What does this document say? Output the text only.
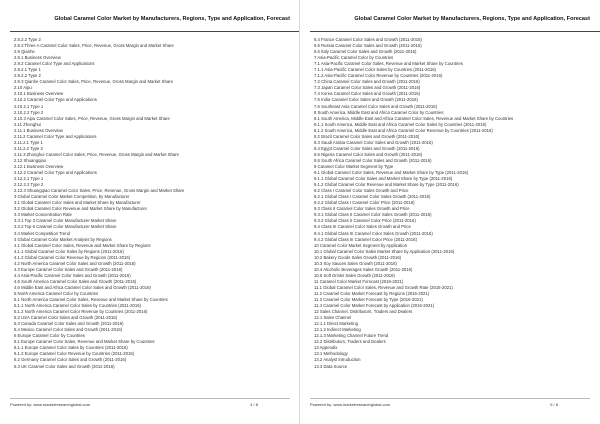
Global Caramel Color Market by Manufacturers, Regions, Type and Application, Forecast
2.8.2.2 Type 2
2.8.3 Three A Caramel Color Sales, Price, Revenue, Gross Margin and Market Share
2.9 Qianhe
2.9.1 Business Overview
2.9.2 Caramel Color Type and Applications
2.9.2.1 Type 1
2.9.2.2 Type 2
2.9.3 Qianhe Caramel Color Sales, Price, Revenue, Gross Margin and Market Share
2.10 Aipu
2.10.1 Business Overview
2.10.2 Caramel Color Type and Applications
2.10.2.1 Type 1
2.10.2.2 Type 2
2.10.3 Aipu Caramel Color Sales, Price, Revenue, Gross Margin and Market Share
2.11 Zhonghui
2.11.1 Business Overview
2.11.2 Caramel Color Type and Applications
2.11.2.1 Type 1
2.11.2.2 Type 2
2.11.3 Zhonghui Caramel Color Sales, Price, Revenue, Gross Margin and Market Share
2.12 Shuangqiao
2.12.1 Business Overview
2.12.2 Caramel Color Type and Applications
2.12.2.1 Type 1
2.12.2.2 Type 2
2.12.3 Shuangqiao Caramel Color Sales, Price, Revenue, Gross Margin and Market Share
3 Global Caramel Color Market Competition, by Manufacturer
3.1 Global Caramel Color Sales and Market Share by Manufacturer
3.2 Global Caramel Color Revenue and Market Share by Manufacturer
3.3 Market Concentration Rate
3.3.1 Top 3 Caramel Color Manufacturer Market Share
3.3.2 Top 6 Caramel Color Manufacturer Market Share
3.4 Market Competition Trend
4 Global Caramel Color Market Analysis by Regions
4.1 Global Caramel Color Sales, Revenue and Market Share by Regions
4.1.1 Global Caramel Color Sales by Regions (2011-2016)
4.1.2 Global Caramel Color Revenue by Regions (2011-2016)
4.2 North America Caramel Color Sales and Growth (2011-2016)
4.3 Europe Caramel Color Sales and Growth (2011-2016)
4.4 Asia-Pacific Caramel Color Sales and Growth (2011-2016)
4.5 South America Caramel Color Sales and Growth (2011-2016)
4.6 Middle East and Africa Caramel Color Sales and Growth (2011-2016)
5 North America Caramel Color by Countries
5.1 North America Caramel Color Sales, Revenue and Market Share by Countries
5.1.1 North America Caramel Color Sales by Countries (2011-2016)
5.1.2 North America Caramel Color Revenue by Countries (2011-2016)
5.2 USA Caramel Color Sales and Growth (2011-2016)
5.3 Canada Caramel Color Sales and Growth (2011-2016)
5.4 Mexico Caramel Color Sales and Growth (2011-2016)
6 Europe Caramel Color by Countries
6.1 Europe Caramel Color Sales, Revenue and Market Share by Countries
6.1.1 Europe Caramel Color Sales by Countries (2011-2016)
6.1.2 Europe Caramel Color Revenue by Countries (2011-2016)
6.2 Germany Caramel Color Sales and Growth (2011-2016)
6.3 UK Caramel Color Sales and Growth (2011-2016)
Powered by: www.marketresearchglobal.com	4 / 8
Global Caramel Color Market by Manufacturers, Regions, Type and Application, Forecast
6.4 France Caramel Color Sales and Growth (2011-2016)
6.5 Russia Caramel Color Sales and Growth (2011-2016)
6.6 Italy Caramel Color Sales and Growth (2011-2016)
7 Asia-Pacific Caramel Color by Countries
7.1 Asia-Pacific Caramel Color Sales, Revenue and Market Share by Countries
7.1.1 Asia-Pacific Caramel Color Sales by Countries (2011-2016)
7.1.2 Asia-Pacific Caramel Color Revenue by Countries (2011-2016)
7.2 China Caramel Color Sales and Growth (2011-2016)
7.3 Japan Caramel Color Sales and Growth (2011-2016)
7.4 Korea Caramel Color Sales and Growth (2011-2016)
7.5 India Caramel Color Sales and Growth (2011-2016)
7.6 Southeast Asia Caramel Color Sales and Growth (2011-2016)
8 South America, Middle East and Africa Caramel Color by Countries
8.1 South America, Middle East and Africa Caramel Color Sales, Revenue and Market Share by Countries
8.1.1 South America, Middle East and Africa Caramel Color Sales by Countries (2011-2016)
8.1.2 South America, Middle East and Africa Caramel Color Revenue by Countries (2011-2016)
8.2 Brazil Caramel Color Sales and Growth (2011-2016)
8.3 Saudi Arabia Caramel Color Sales and Growth (2011-2016)
8.4 Egypt Caramel Color Sales and Growth (2011-2016)
8.5 Nigeria Caramel Color Sales and Growth (2011-2016)
8.6 South Africa Caramel Color Sales and Growth (2011-2016)
9 Caramel Color Market Segment by Type
9.1 Global Caramel Color Sales, Revenue and Market Share by Type (2011-2016)
9.1.1 Global Caramel Color Sales and Market Share by Type (2011-2016)
9.1.2 Global Caramel Color Revenue and Market Share by Type (2011-2016)
9.2 Class I Caramel Color Sales Growth and Price
9.2.1 Global Class I Caramel Color Sales Growth (2011-2016)
9.2.2 Global Class I Caramel Color Price (2011-2016)
9.3 Class II Caramel Color Sales Growth and Price
9.3.1 Global Class II Caramel Color Sales Growth (2011-2016)
9.3.2 Global Class II Caramel Color Price (2011-2016)
9.4 Class III Caramel Color Sales Growth and Price
9.4.1 Global Class III Caramel Color Sales Growth (2011-2016)
9.4.2 Global Class III Caramel Color Price (2011-2016)
10 Caramel Color Market Segment by Application
10.1 Global Caramel Color Sales Market Share by Application (2011-2016)
10.2 Bakery Goods Sales Growth (2011-2016)
10.3 Soy Sauces Sales Growth (2011-2016)
10.4 Alcoholic Beverages Sales Growth (2011-2016)
10.5 Soft Drinks Sales Growth (2011-2016)
11 Caramel Color Market Forecast (2016-2021)
11.1 Global Caramel Color Sales, Revenue and Growth Rate (2016-2021)
11.2 Caramel Color Market Forecast by Regions (2016-2021)
11.3 Caramel Color Market Forecast by Type (2016-2021)
11.4 Caramel Color Market Forecast by Application (2016-2021)
12 Sales Channel, Distributors, Traders and Dealers
12.1 Sales Channel
12.1.1 Direct Marketing
12.1.2 Indirect Marketing
12.1.3 Marketing Channel Future Trend
12.2 Distributors, Traders and Dealers
13 Appendix
13.1 Methodology
13.2 Analyst Introduction
13.3 Data Source
Powered by: www.marketresearchglobal.com	5 / 8
